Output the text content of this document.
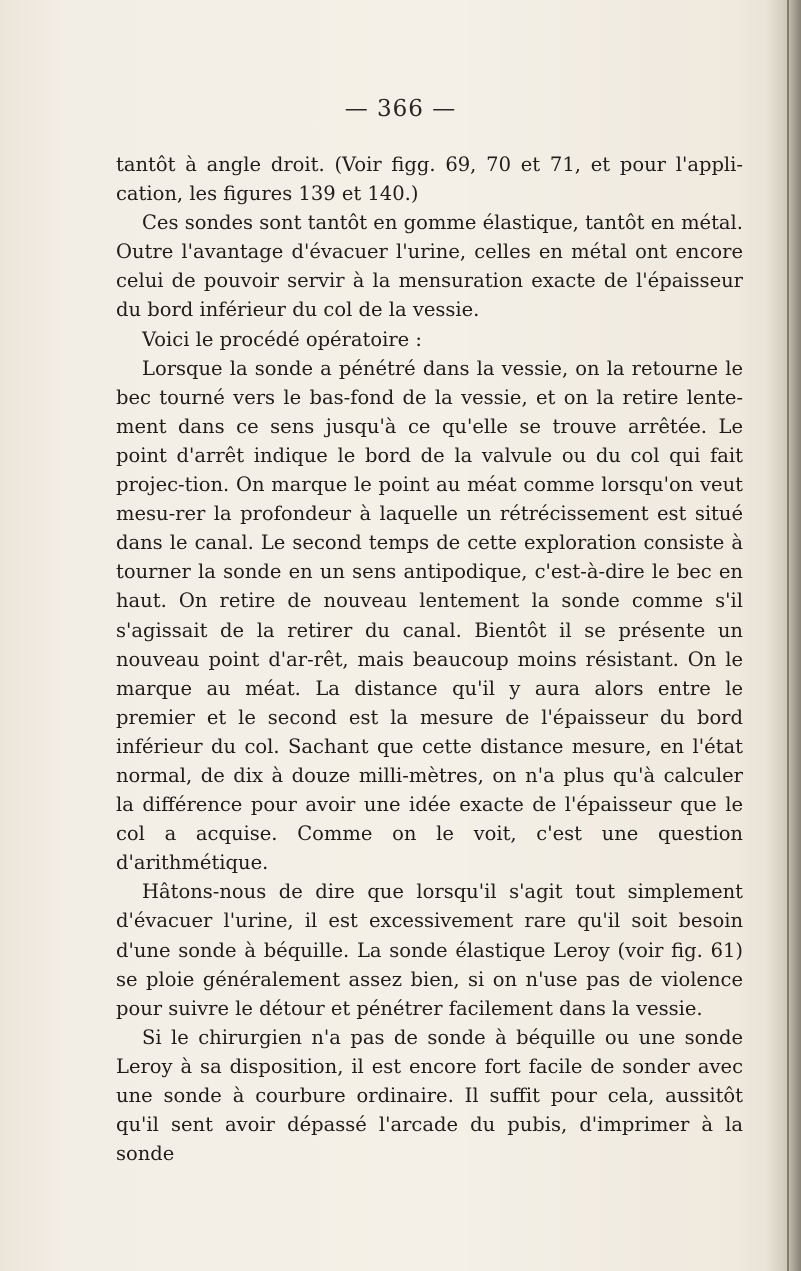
— 366 —

tantôt à angle droit. (Voir figg. 69, 70 et 71, et pour l'appli-cation, les figures 139 et 140.)

Ces sondes sont tantôt en gomme élastique, tantôt en métal. Outre l'avantage d'évacuer l'urine, celles en métal ont encore celui de pouvoir servir à la mensuration exacte de l'épaisseur du bord inférieur du col de la vessie.

Voici le procédé opératoire :

Lorsque la sonde a pénétré dans la vessie, on la retourne le bec tourné vers le bas-fond de la vessie, et on la retire lente-ment dans ce sens jusqu'à ce qu'elle se trouve arrêtée. Le point d'arrêt indique le bord de la valvule ou du col qui fait projec-tion. On marque le point au méat comme lorsqu'on veut mesu-rer la profondeur à laquelle un rétrécissement est situé dans le canal. Le second temps de cette exploration consiste à tourner la sonde en un sens antipodique, c'est-à-dire le bec en haut. On retire de nouveau lentement la sonde comme s'il s'agissait de la retirer du canal. Bientôt il se présente un nouveau point d'ar-rêt, mais beaucoup moins résistant. On le marque au méat. La distance qu'il y aura alors entre le premier et le second est la mesure de l'épaisseur du bord inférieur du col. Sachant que cette distance mesure, en l'état normal, de dix à douze milli-mètres, on n'a plus qu'à calculer la différence pour avoir une idée exacte de l'épaisseur que le col a acquise. Comme on le voit, c'est une question d'arithmétique.

Hâtons-nous de dire que lorsqu'il s'agit tout simplement d'évacuer l'urine, il est excessivement rare qu'il soit besoin d'une sonde à béquille. La sonde élastique Leroy (voir fig. 61) se ploie généralement assez bien, si on n'use pas de violence pour suivre le détour et pénétrer facilement dans la vessie.

Si le chirurgien n'a pas de sonde à béquille ou une sonde Leroy à sa disposition, il est encore fort facile de sonder avec une sonde à courbure ordinaire. Il suffit pour cela, aussitôt qu'il sent avoir dépassé l'arcade du pubis, d'imprimer à la sonde
